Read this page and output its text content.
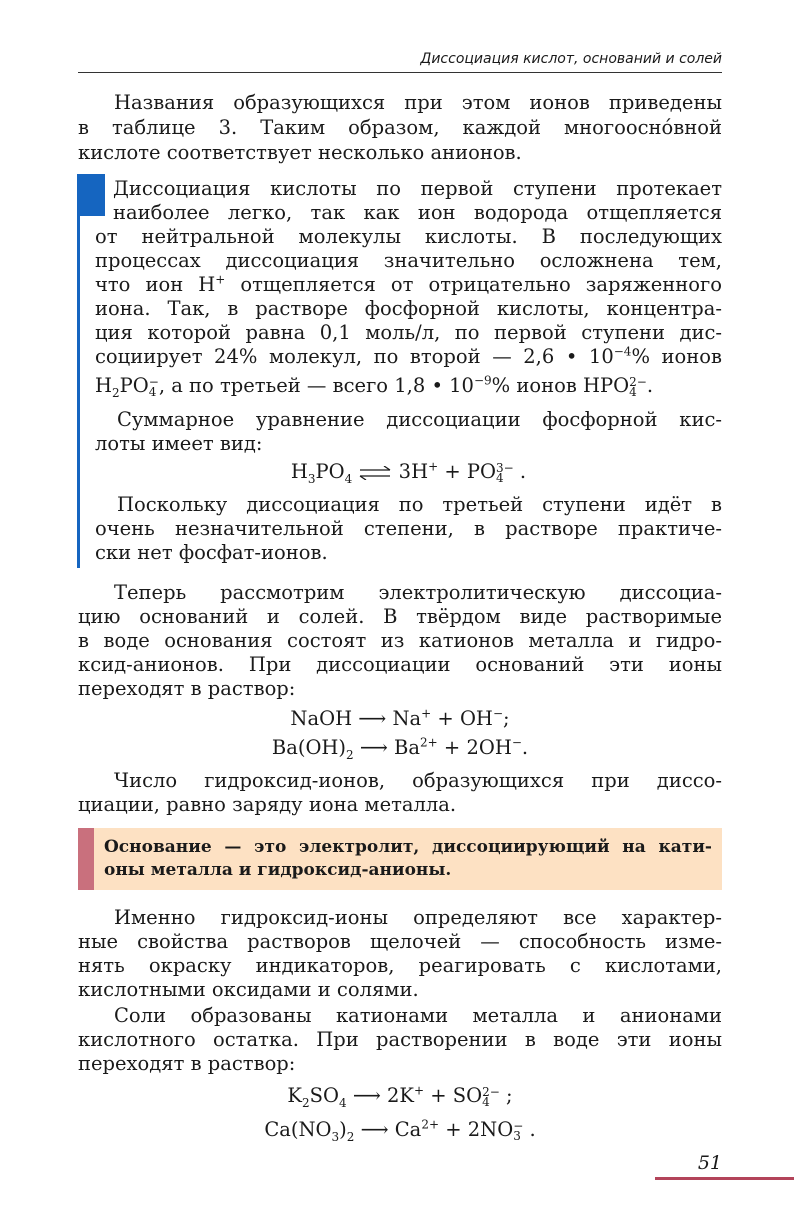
Диссоциация кислот, оснований и солей
Названия образующихся при этом ионов приведены
в таблице 3. Таким образом, каждой многооснóвной
кислоте соответствует несколько анионов.
Диссоциация кислоты по первой ступени протекает
наиболее легко, так как ион водорода отщепляется
от нейтральной молекулы кислоты. В последующих
процессах диссоциация значительно осложнена тем,
что ион H+ отщепляется от отрицательно заряженного
иона. Так, в растворе фосфорной кислоты, концентра-
ция которой равна 0,1 моль/л, по первой ступени дис-
социирует 24% молекул, по второй — 2,6 • $10^{-4}\%$ ионов
$H_2PO$ −
4 , а по третьей — всего 1,8 • $10^{-9}\%$ ионов HPO 2−
4 .
Суммарное уравнение диссоциации фосфорной кис-
лоты имеет вид:
$H_3PO_4$ ⇌ 3H+ + PO 3−
4 .
Поскольку диссоциация по третьей ступени идёт в
очень незначительной степени, в растворе практиче-
ски нет фосфат-ионов.
Теперь рассмотрим электролитическую диссоциа-
цию оснований и солей. В твёрдом виде растворимые
в воде основания состоят из катионов металла и гидро-
ксид-анионов. При диссоциации оснований эти ионы
переходят в раствор:
NaOH ⟶ Na+ + OH−;
$Ba(OH)_2$ ⟶ $Ba^{2+} + 2OH^-$.
Число гидроксид-ионов, образующихся при диссо-
циации, равно заряду иона металла.
Основание — это электролит, диссоциирующий на кати-
оны металла и гидроксид-анионы.
Именно гидроксид-ионы определяют все характер-
ные свойства растворов щелочей — способность изме-
нять окраску индикаторов, реагировать с кислотами,
кислотными оксидами и солями.
Соли образованы катионами металла и анионами
кислотного остатка. При растворении в воде эти ионы
переходят в раствор:
$K_2SO_4$ ⟶ 2K+ + SO 2−
4 ;
$Ca(NO_3)_2$ ⟶ $Ca^{2+} + 2NO$ −
3 .
51
